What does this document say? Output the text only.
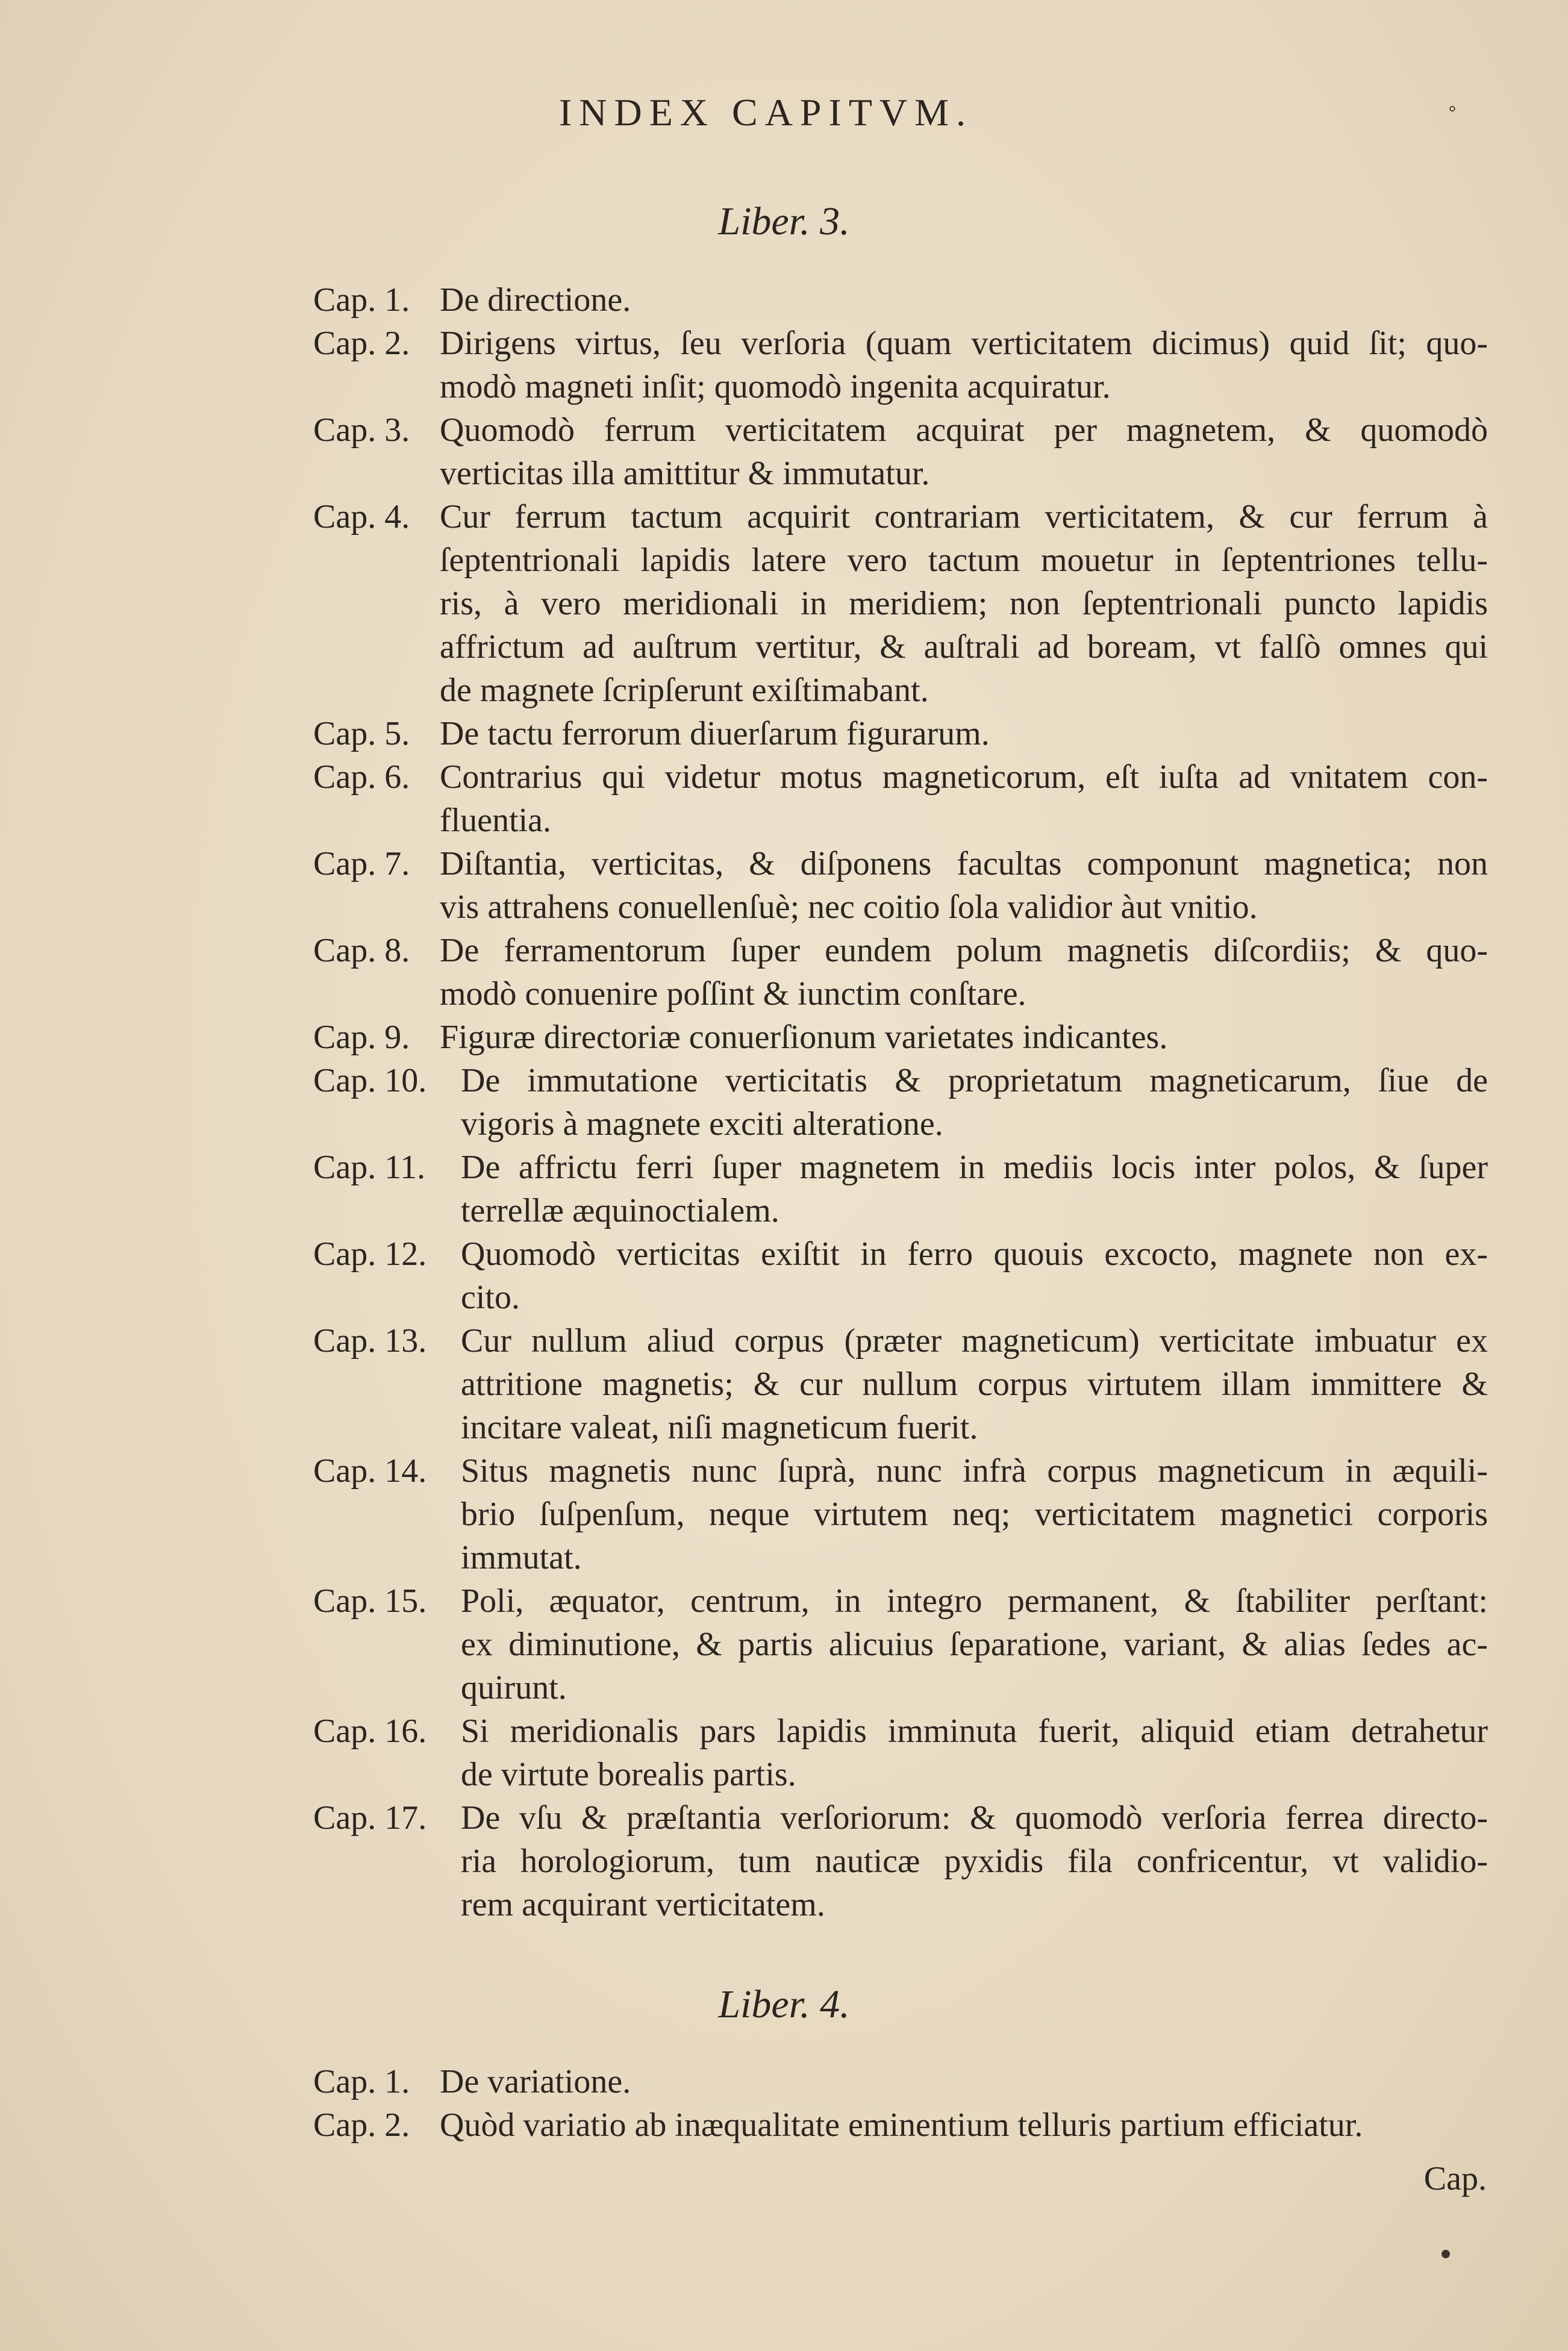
INDEX CAPITVM.	°
Liber. 3.
Cap. 1. De directione.
Cap. 2. Dirigens virtus, ſeu verſoria (quam verticitatem dicimus) quid ſit; quo-
modò magneti inſit; quomodò ingenita acquiratur.
Cap. 3. Quomodò ferrum verticitatem acquirat per magnetem, & quomodò
verticitas illa amittitur & immutatur.
Cap. 4. Cur ferrum tactum acquirit contrariam verticitatem, & cur ferrum à
ſeptentrionali lapidis latere vero tactum mouetur in ſeptentriones tellu-
ris, à vero meridionali in meridiem; non ſeptentrionali puncto lapidis
affrictum ad auſtrum vertitur, & auſtrali ad boream, vt falſò omnes qui
de magnete ſcripſerunt exiſtimabant.
Cap. 5. De tactu ferrorum diuerſarum figurarum.
Cap. 6. Contrarius qui videtur motus magneticorum, eſt iuſta ad vnitatem con-
fluentia.
Cap. 7. Diſtantia, verticitas, & diſponens facultas componunt magnetica; non
vis attrahens conuellenſuè; nec coitio ſola validior àut vnitio.
Cap. 8. De ferramentorum ſuper eundem polum magnetis diſcordiis; & quo-
modò conuenire poſſint & iunctim conſtare.
Cap. 9. Figuræ directoriæ conuerſionum varietates indicantes.
Cap. 10. De immutatione verticitatis & proprietatum magneticarum, ſiue de
vigoris à magnete exciti alteratione.
Cap. 11. De affrictu ferri ſuper magnetem in mediis locis inter polos, & ſuper
terrellæ æquinoctialem.
Cap. 12. Quomodò verticitas exiſtit in ferro quouis excocto, magnete non ex-
cito.
Cap. 13. Cur nullum aliud corpus (præter magneticum) verticitate imbuatur ex
attritione magnetis; & cur nullum corpus virtutem illam immittere &
incitare valeat, niſi magneticum fuerit.
Cap. 14. Situs magnetis nunc ſuprà, nunc infrà corpus magneticum in æquili-
brio ſuſpenſum, neque virtutem neq; verticitatem magnetici corporis
immutat.
Cap. 15. Poli, æquator, centrum, in integro permanent, & ſtabiliter perſtant:
ex diminutione, & partis alicuius ſeparatione, variant, & alias ſedes ac-
quirunt.
Cap. 16. Si meridionalis pars lapidis imminuta fuerit, aliquid etiam detrahetur
de virtute borealis partis.
Cap. 17. De vſu & præſtantia verſoriorum: & quomodò verſoria ferrea directo-
ria horologiorum, tum nauticæ pyxidis fila confricentur, vt validio-
rem acquirant verticitatem.
Liber. 4.
Cap. 1. De variatione.
Cap. 2. Quòd variatio ab inæqualitate eminentium telluris partium efficiatur.
Cap.
